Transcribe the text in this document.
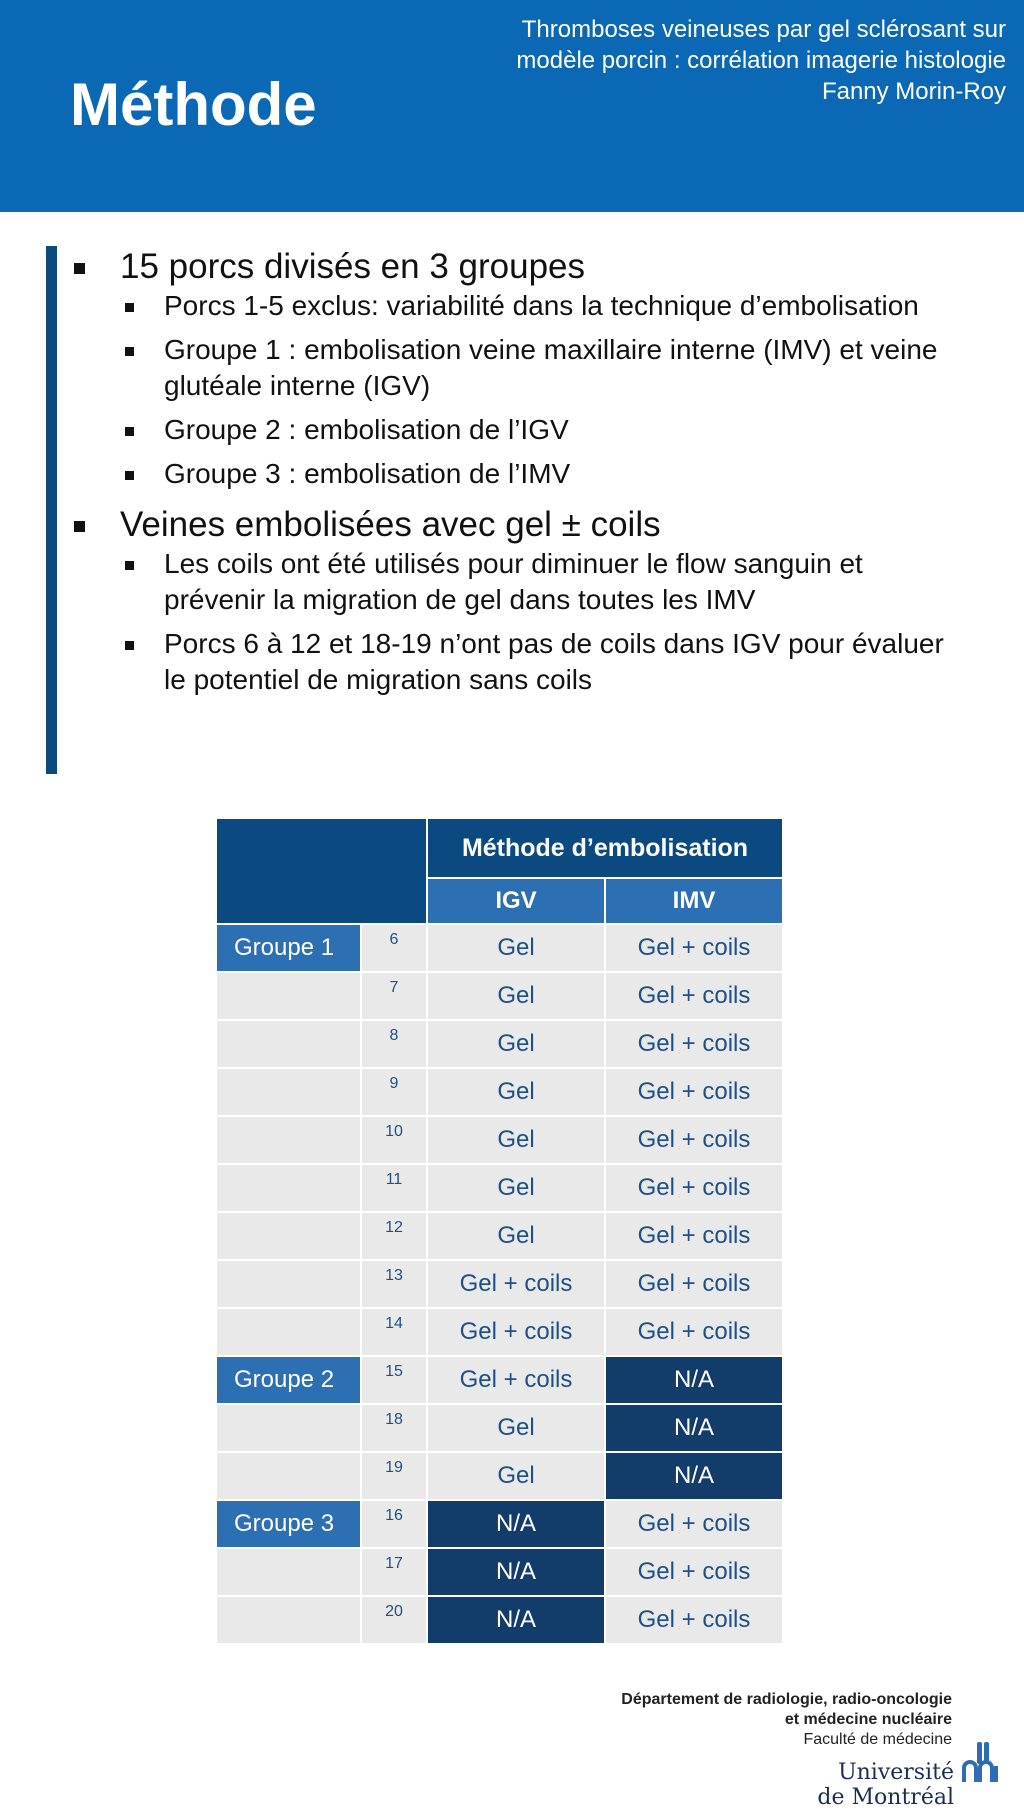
Méthode
Thromboses veineuses par gel sclérosant sur
modèle porcin : corrélation imagerie histologie
Fanny Morin-Roy
15 porcs divisés en 3 groupes
Porcs 1-5 exclus: variabilité dans la technique d’embolisation
Groupe 1 : embolisation veine maxillaire interne (IMV) et veine glutéale interne (IGV)
Groupe 2 : embolisation de l’IGV
Groupe 3 : embolisation de l’IMV
Veines embolisées avec gel ± coils
Les coils ont été utilisés pour diminuer le flow sanguin et prévenir la migration de gel dans toutes les IMV
Porcs 6 à 12 et 18-19 n’ont pas de coils dans IGV pour évaluer le potentiel de migration sans coils
		Méthode d’embolisation	
		IGV	IMV
Groupe 1	6	Gel	Gel + coils
	7	Gel	Gel + coils
	8	Gel	Gel + coils
	9	Gel	Gel + coils
	10	Gel	Gel + coils
	11	Gel	Gel + coils
	12	Gel	Gel + coils
	13	Gel + coils	Gel + coils
	14	Gel + coils	Gel + coils
Groupe 2	15	Gel + coils	N/A
	18	Gel	N/A
	19	Gel	N/A
Groupe 3	16	N/A	Gel + coils
	17	N/A	Gel + coils
	20	N/A	Gel + coils
Département de radiologie, radio-oncologie
et médecine nucléaire
Faculté de médecine
Université
de Montréal
